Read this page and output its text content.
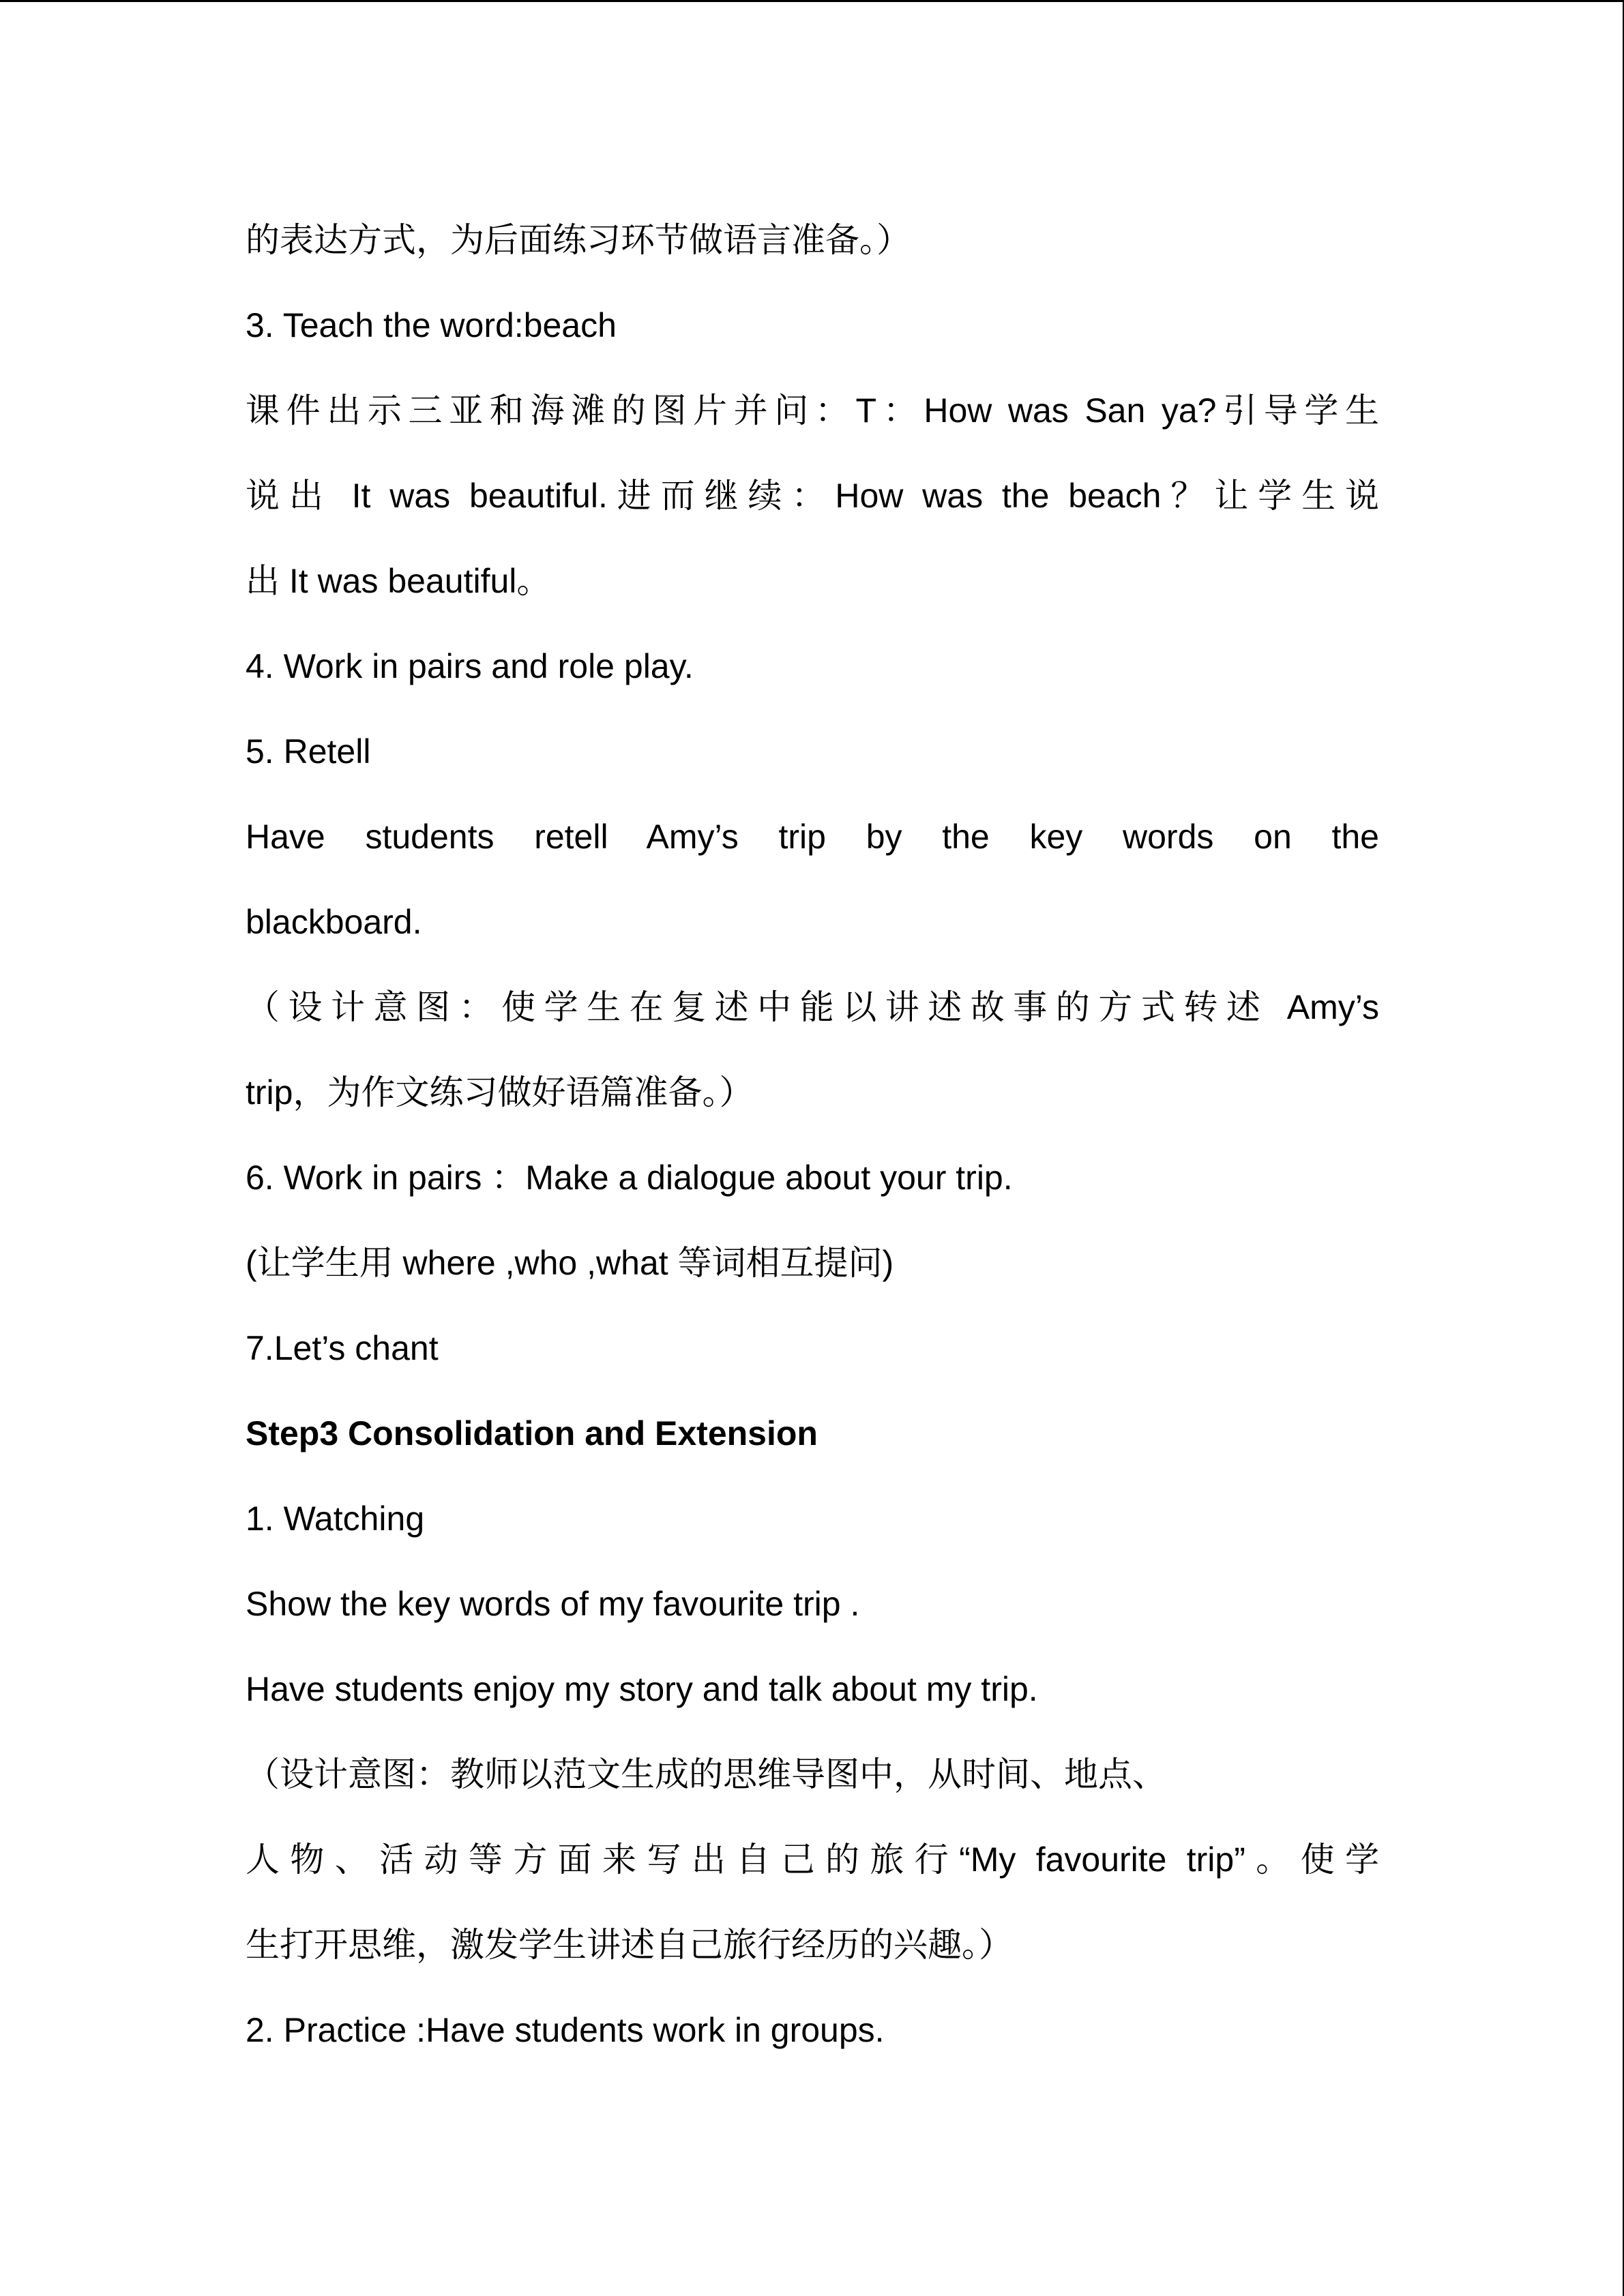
的表达方式，为后面练习环节做语言准备。）
3. Teach the word:beach
课件出示三亚和海滩的图片并问：T：How was San ya?引导学生
说出 It was beautiful.进而继续：How was the beach？让学生说
出 It was beautiful。
4. Work in pairs and role play.
5. Retell
Have students retell Amy’s trip by the key words on the
blackboard.
（设计意图：使学生在复述中能以讲述故事的方式转述 Amy’s
trip，为作文练习做好语篇准备。）
6. Work in pairs ：Make a dialogue about your trip.
(让学生用 where ,who ,what 等词相互提问)
7.Let’s chant
Step3 Consolidation and Extension
1. Watching
Show the key words of my favourite trip .
Have students enjoy my story and talk about my trip.
（设计意图：教师以范文生成的思维导图中，从时间、地点、
人物、活动等方面来写出自己的旅行“My favourite trip”。使学
生打开思维，激发学生讲述自己旅行经历的兴趣。）
2. Practice :Have students work in groups.
